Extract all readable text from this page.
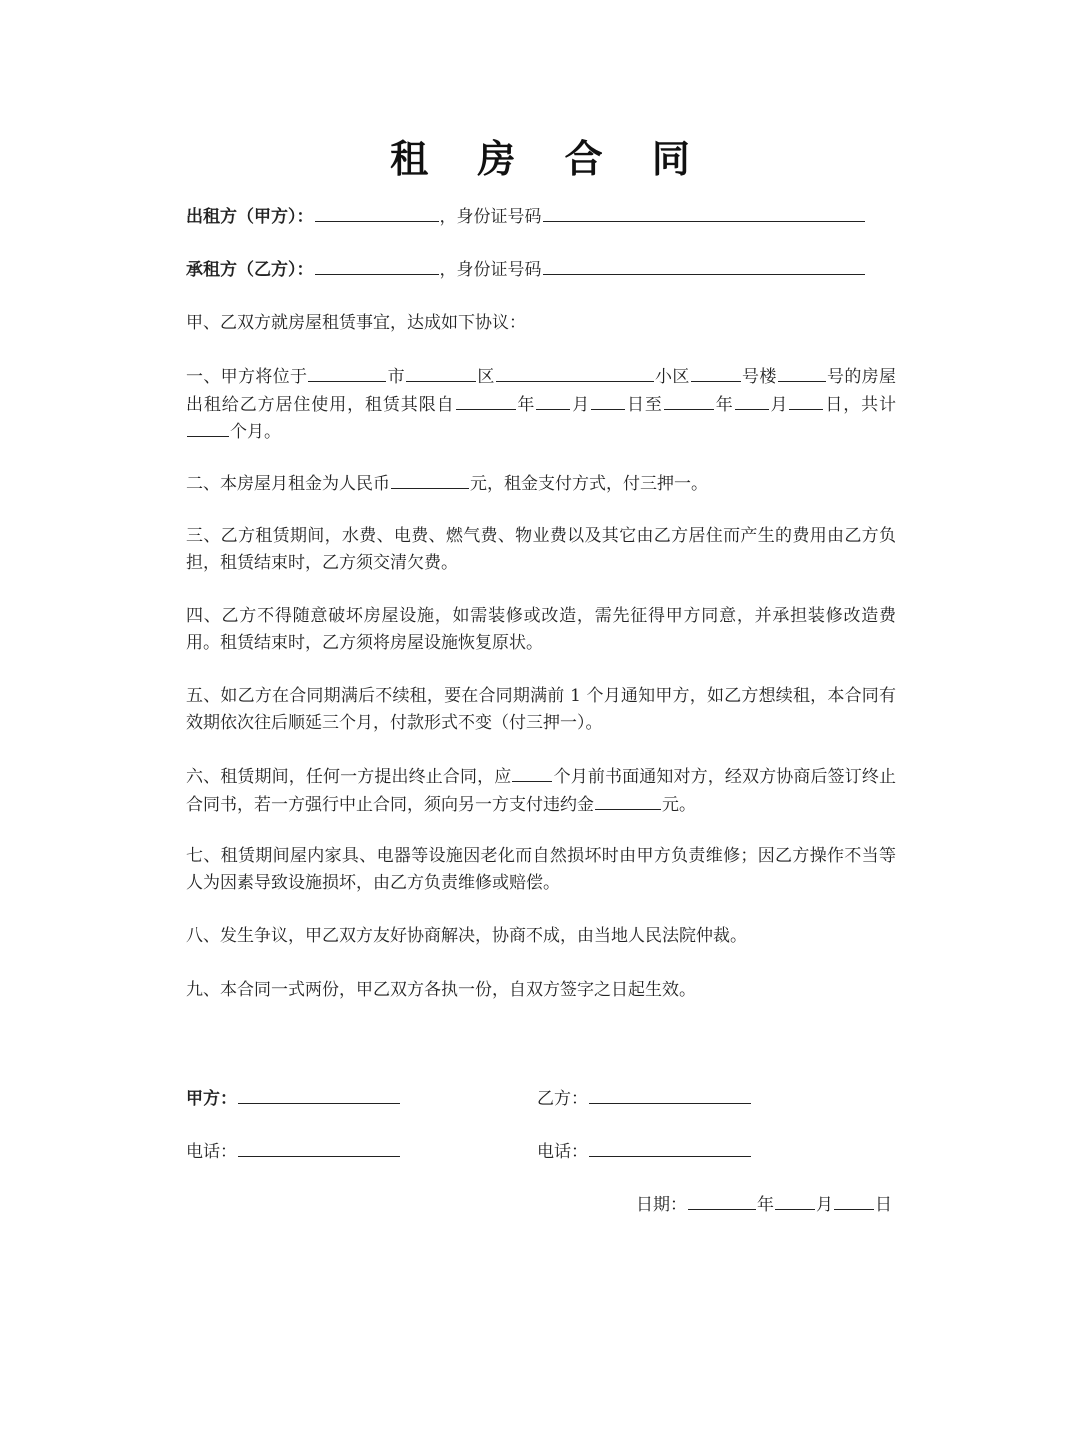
租 房 合 同
出租方（甲方）：	，身份证号码
承租方（乙方）：	，身份证号码
甲、乙双方就房屋租赁事宜，达成如下协议：
一、甲方将位于	市	区	小区	号楼	号的房屋出租给乙方居住使用，租赁其限自	年 月 日至	年 月 日，共计个月。
二、本房屋月租金为人民币	元，租金支付方式，付三押一。
三、乙方租赁期间，水费、电费、燃气费、物业费以及其它由乙方居住而产生的费用由乙方负担，租赁结束时，乙方须交清欠费。
四、乙方不得随意破坏房屋设施，如需装修或改造，需先征得甲方同意，并承担装修改造费用。租赁结束时，乙方须将房屋设施恢复原状。
五、如乙方在合同期满后不续租，要在合同期满前 1 个月通知甲方，如乙方想续租，本合同有效期依次往后顺延三个月，付款形式不变（付三押一）。
六、租赁期间，任何一方提出终止合同，应 个月前书面通知对方，经双方协商后签订终止合同书，若一方强行中止合同，须向另一方支付违约金	元。
七、租赁期间屋内家具、电器等设施因老化而自然损坏时由甲方负责维修；因乙方操作不当等人为因素导致设施损坏，由乙方负责维修或赔偿。
八、发生争议，甲乙双方友好协商解决，协商不成，由当地人民法院仲裁。
九、本合同一式两份，甲乙双方各执一份，自双方签字之日起生效。
甲方：	乙方：
电话：	电话：
日期：	年 月 日
